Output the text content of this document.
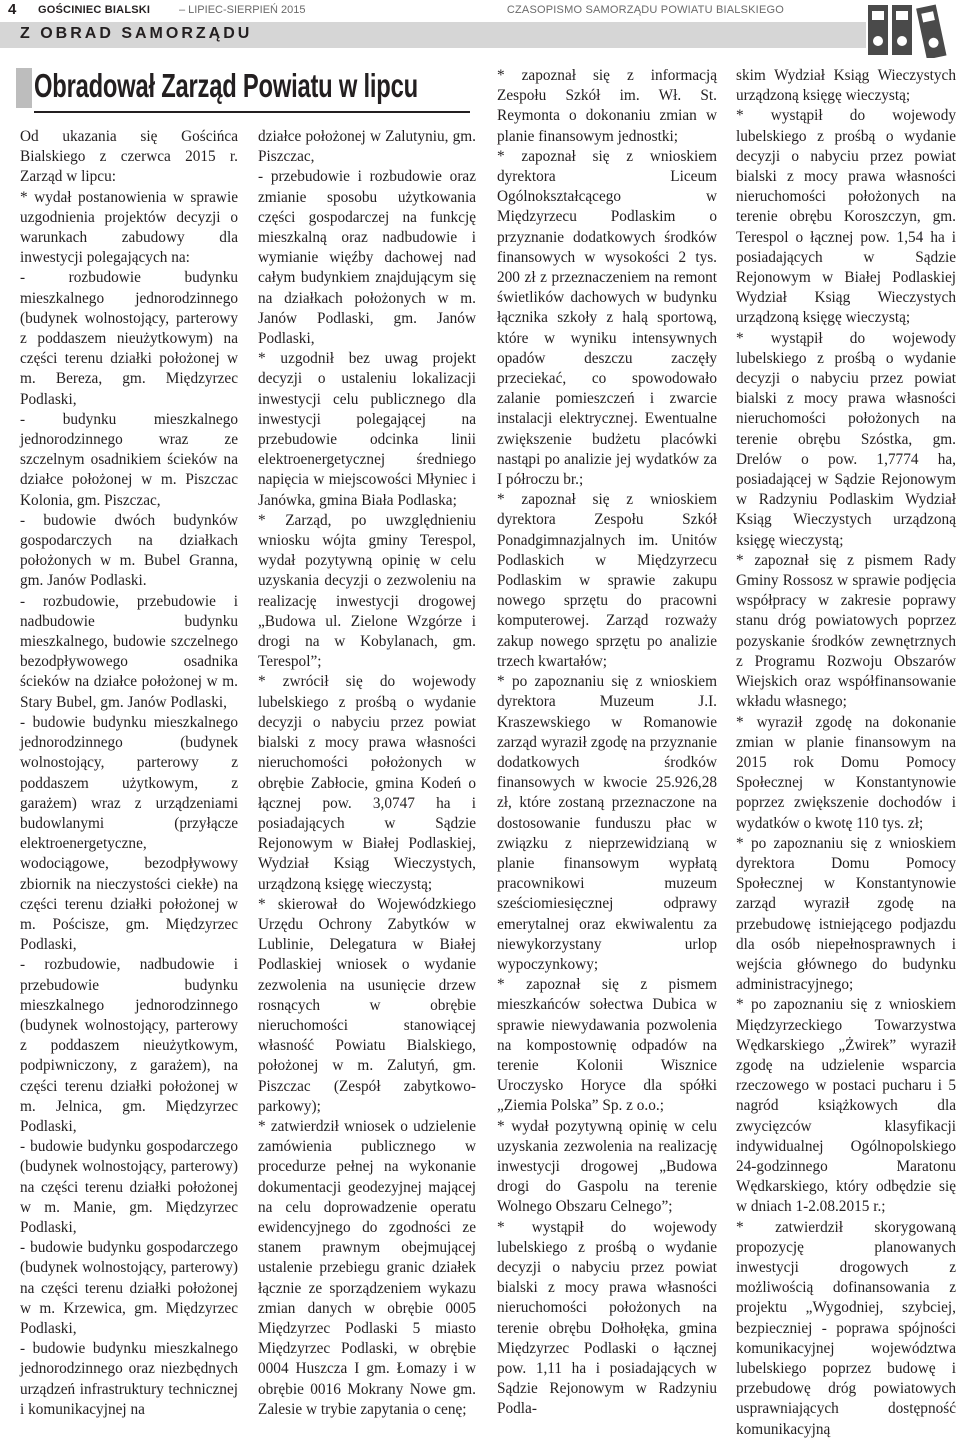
4 GOŚCINIEC BIALSKI	– LIPIEC-SIERPIEŃ 2015	CZASOPISMO SAMORZĄDU POWIATU BIALSKIEGO
Z OBRAD SAMORZĄDU
Obradował Zarząd Powiatu w lipcu

Od ukazania się Gościńca Bialskiego z czerwca 2015 r. Zarząd w lipcu:

* wydał postanowienia w sprawie uzgodnienia projektów decyzji o warunkach zabudowy dla inwestycji polegających na:

- rozbudowie budynku mieszkalnego jednorodzinnego (budynek wolnostojący, parterowy z poddaszem nieużytkowym) na części terenu działki położonej w m. Bereza, gm. Międzyrzec Podlaski,

- budynku mieszkalnego jednorodzinnego wraz ze szczelnym osadnikiem ścieków na działce położonej w m. Piszczac Kolonia, gm. Piszczac,

- budowie dwóch budynków gospodarczych na działkach położonych w m. Bubel Granna, gm. Janów Podlaski.

- rozbudowie, przebudowie i nadbudowie budynku mieszkalnego, budowie szczelnego bezodpływowego osadnika ścieków na działce położonej w m. Stary Bubel, gm. Janów Podlaski,

- budowie budynku mieszkalnego jednorodzinnego (budynek wolnostojący, parterowy z poddaszem użytkowym, z garażem) wraz z urządzeniami budowlanymi (przyłącze elektroenergetyczne, wodociągowe, bezodpływowy zbiornik na nieczystości ciekłe) na części terenu działki położonej w m. Pościsze, gm. Międzyrzec Podlaski,

- rozbudowie, nadbudowie i przebudowie budynku mieszkalnego jednorodzinnego (budynek wolnostojący, parterowy z poddaszem nieużytkowym, podpiwniczony, z garażem), na części terenu działki położonej w m. Jelnica, gm. Międzyrzec Podlaski,

- budowie budynku gospodarczego (budynek wolnostojący, parterowy) na części terenu działki położonej w m. Manie, gm. Międzyrzec Podlaski,

- budowie budynku gospodarczego (budynek wolnostojący, parterowy) na części terenu działki położonej w m. Krzewica, gm. Międzyrzec Podlaski,

- budowie budynku mieszkalnego jednorodzinnego oraz niezbędnych urządzeń infrastruktury technicznej i komunikacyjnej na

działce położonej w Zalutyniu, gm. Piszczac,

- przebudowie i rozbudowie oraz zmianie sposobu użytkowania części gospodarczej na funkcję mieszkalną oraz nadbudowie i wymianie więźby dachowej nad całym budynkiem znajdującym się na działkach położonych w m. Janów Podlaski, gm. Janów Podlaski,

* uzgodnił bez uwag projekt decyzji o ustaleniu lokalizacji inwestycji celu publicznego dla inwestycji polegającej na przebudowie odcinka linii elektroenergetycznej średniego napięcia w miejscowości Młyniec i Janówka, gmina Biała Podlaska;

* Zarząd, po uwzględnieniu wniosku wójta gminy Terespol, wydał pozytywną opinię w celu uzyskania decyzji o zezwoleniu na realizację inwestycji drogowej „Budowa ul. Zielone Wzgórze i drogi na w Kobylanach, gm. Terespol”;

* zwrócił się do wojewody lubelskiego z prośbą o wydanie decyzji o nabyciu przez powiat bialski z mocy prawa własności nieruchomości położonych w obrębie Zabłocie, gmina Kodeń o łącznej pow. 3,0747 ha i posiadających w Sądzie Rejonowym w Białej Podlaskiej, Wydział Ksiąg Wieczystych, urządzoną księgę wieczystą;

* skierował do Wojewódzkiego Urzędu Ochrony Zabytków w Lublinie, Delegatura w Białej Podlaskiej wniosek o wydanie zezwolenia na usunięcie drzew rosnących w obrębie nieruchomości stanowiącej własność Powiatu Bialskiego, położonej w m. Zalutyń, gm. Piszczac (Zespół zabytkowo-parkowy);

* zatwierdził wniosek o udzielenie zamówienia publicznego w procedurze pełnej na wykonanie dokumentacji geodezyjnej mającej na celu doprowadzenie operatu ewidencyjnego do zgodności ze stanem prawnym obejmującej ustalenie przebiegu granic działek łącznie ze sporządzeniem wykazu zmian danych w obrębie 0005 Międzyrzec Podlaski 5 miasto Międzyrzec Podlaski, w obrębie 0004 Huszcza I gm. Łomazy i w obrębie 0016 Mokrany Nowe gm. Zalesie w trybie zapytania o cenę;

* zapoznał się z informacją Zespołu Szkół im. Wł. St. Reymonta o dokonaniu zmian w planie finansowym jednostki;

* zapoznał się z wnioskiem dyrektora Liceum Ogólnokształcącego w Międzyrzecu Podlaskim o przyznanie dodatkowych środków finansowych w wysokości 2 tys. 200 zł z przeznaczeniem na remont świetlików dachowych w budynku łącznika szkoły z halą sportową, które w wyniku intensywnych opadów deszczu zaczęły przeciekać, co spowodowało zalanie pomieszczeń i zwarcie instalacji elektrycznej. Ewentualne zwiększenie budżetu placówki nastąpi po analizie jej wydatków za I półroczu br.;

* zapoznał się z wnioskiem dyrektora Zespołu Szkół Ponadgimnazjalnych im. Unitów Podlaskich w Międzyrzecu Podlaskim w sprawie zakupu nowego sprzętu do pracowni komputerowej. Zarząd rozważy zakup nowego sprzętu po analizie trzech kwartałów;

* po zapoznaniu się z wnioskiem dyrektora Muzeum J.I. Kraszewskiego w Romanowie zarząd wyraził zgodę na przyznanie dodatkowych środków finansowych w kwocie 25.926,28 zł, które zostaną przeznaczone na dostosowanie funduszu płac w związku z nieprzewidzianą w planie finansowym wypłatą pracownikowi muzeum sześciomiesięcznej odprawy emerytalnej oraz ekwiwalentu za niewykorzystany urlop wypoczynkowy;

* zapoznał się z pismem mieszkańców sołectwa Dubica w sprawie niewydawania pozwolenia na kompostownię odpadów na terenie Kolonii Wisznice Uroczysko Horyce dla spółki „Ziemia Polska” Sp. z o.o.;

* wydał pozytywną opinię w celu uzyskania zezwolenia na realizację inwestycji drogowej „Budowa drogi do Gaspolu na terenie Wolnego Obszaru Celnego”;

* wystąpił do wojewody lubelskiego z prośbą o wydanie decyzji o nabyciu przez powiat bialski z mocy prawa własności nieruchomości położonych na terenie obrębu Dołhołęka, gmina Międzyrzec Podlaski o łącznej pow. 1,11 ha i posiadających w Sądzie Rejonowym w Radzyniu Podla-

skim Wydział Ksiąg Wieczystych urządzoną księgę wieczystą;

* wystąpił do wojewody lubelskiego z prośbą o wydanie decyzji o nabyciu przez powiat bialski z mocy prawa własności nieruchomości położonych na terenie obrębu Koroszczyn, gm. Terespol o łącznej pow. 1,54 ha i posiadających w Sądzie Rejonowym w Białej Podlaskiej Wydział Ksiąg Wieczystych urządzoną księgę wieczystą;

* wystąpił do wojewody lubelskiego z prośbą o wydanie decyzji o nabyciu przez powiat bialski z mocy prawa własności nieruchomości położonych na terenie obrębu Szóstka, gm. Drelów o pow. 1,7774 ha, posiadającej w Sądzie Rejonowym w Radzyniu Podlaskim Wydział Ksiąg Wieczystych urządzoną księgę wieczystą;

* zapoznał się z pismem Rady Gminy Rossosz w sprawie podjęcia współpracy w zakresie poprawy stanu dróg powiatowych poprzez pozyskanie środków zewnętrznych z Programu Rozwoju Obszarów Wiejskich oraz współfinansowanie wkładu własnego;

* wyraził zgodę na dokonanie zmian w planie finansowym na 2015 rok Domu Pomocy Społecznej w Konstantynowie poprzez zwiększenie dochodów i wydatków o kwotę 110 tys. zł;

* po zapoznaniu się z wnioskiem dyrektora Domu Pomocy Społecznej w Konstantynowie zarząd wyraził zgodę na przebudowę istniejącego podjazdu dla osób niepełnosprawnych i wejścia głównego do budynku administracyjnego;

* po zapoznaniu się z wnioskiem Międzyrzeckiego Towarzystwa Wędkarskiego „Żwirek” wyraził zgodę na udzielenie wsparcia rzeczowego w postaci pucharu i 5 nagród książkowych dla zwycięzców klasyfikacji indywidualnej Ogólnopolskiego 24-godzinnego Maratonu Wędkarskiego, który odbędzie się w dniach 1-2.08.2015 r.;

* zatwierdził skorygowaną propozycję planowanych inwestycji drogowych z możliwością dofinansowania z projektu „Wygodniej, szybciej, bezpieczniej - poprawa spójności komunikacyjnej województwa lubelskiego poprzez budowę i przebudowę dróg powiatowych usprawniających dostępność komunikacyjną
